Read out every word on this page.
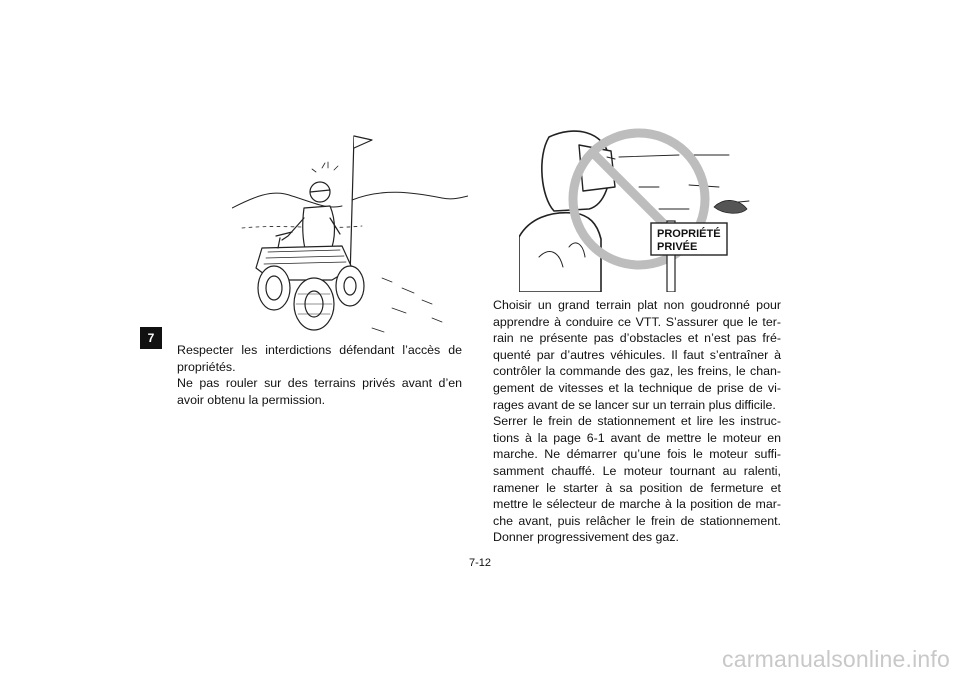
7
PROPRIÉTÉ
PRIVÉE

Respecter les interdictions défendant l’accès de propriétés.

Ne pas rouler sur des terrains privés avant d’en avoir obtenu la permission.

Choisir un grand terrain plat non goudronné pour apprendre à conduire ce VTT. S’assurer que le ter-rain ne présente pas d’obstacles et n’est pas fré-quenté par d’autres véhicules. Il faut s’entraîner à contrôler la commande des gaz, les freins, le chan-gement de vitesses et la technique de prise de vi-rages avant de se lancer sur un terrain plus difficile.

Serrer le frein de stationnement et lire les instruc-tions à la page 6-1 avant de mettre le moteur en marche. Ne démarrer qu’une fois le moteur suffi-samment chauffé. Le moteur tournant au ralenti, ramener le starter à sa position de fermeture et mettre le sélecteur de marche à la position de mar-che avant, puis relâcher le frein de stationnement. Donner progressivement des gaz.

7-12
carmanualsonline.info
